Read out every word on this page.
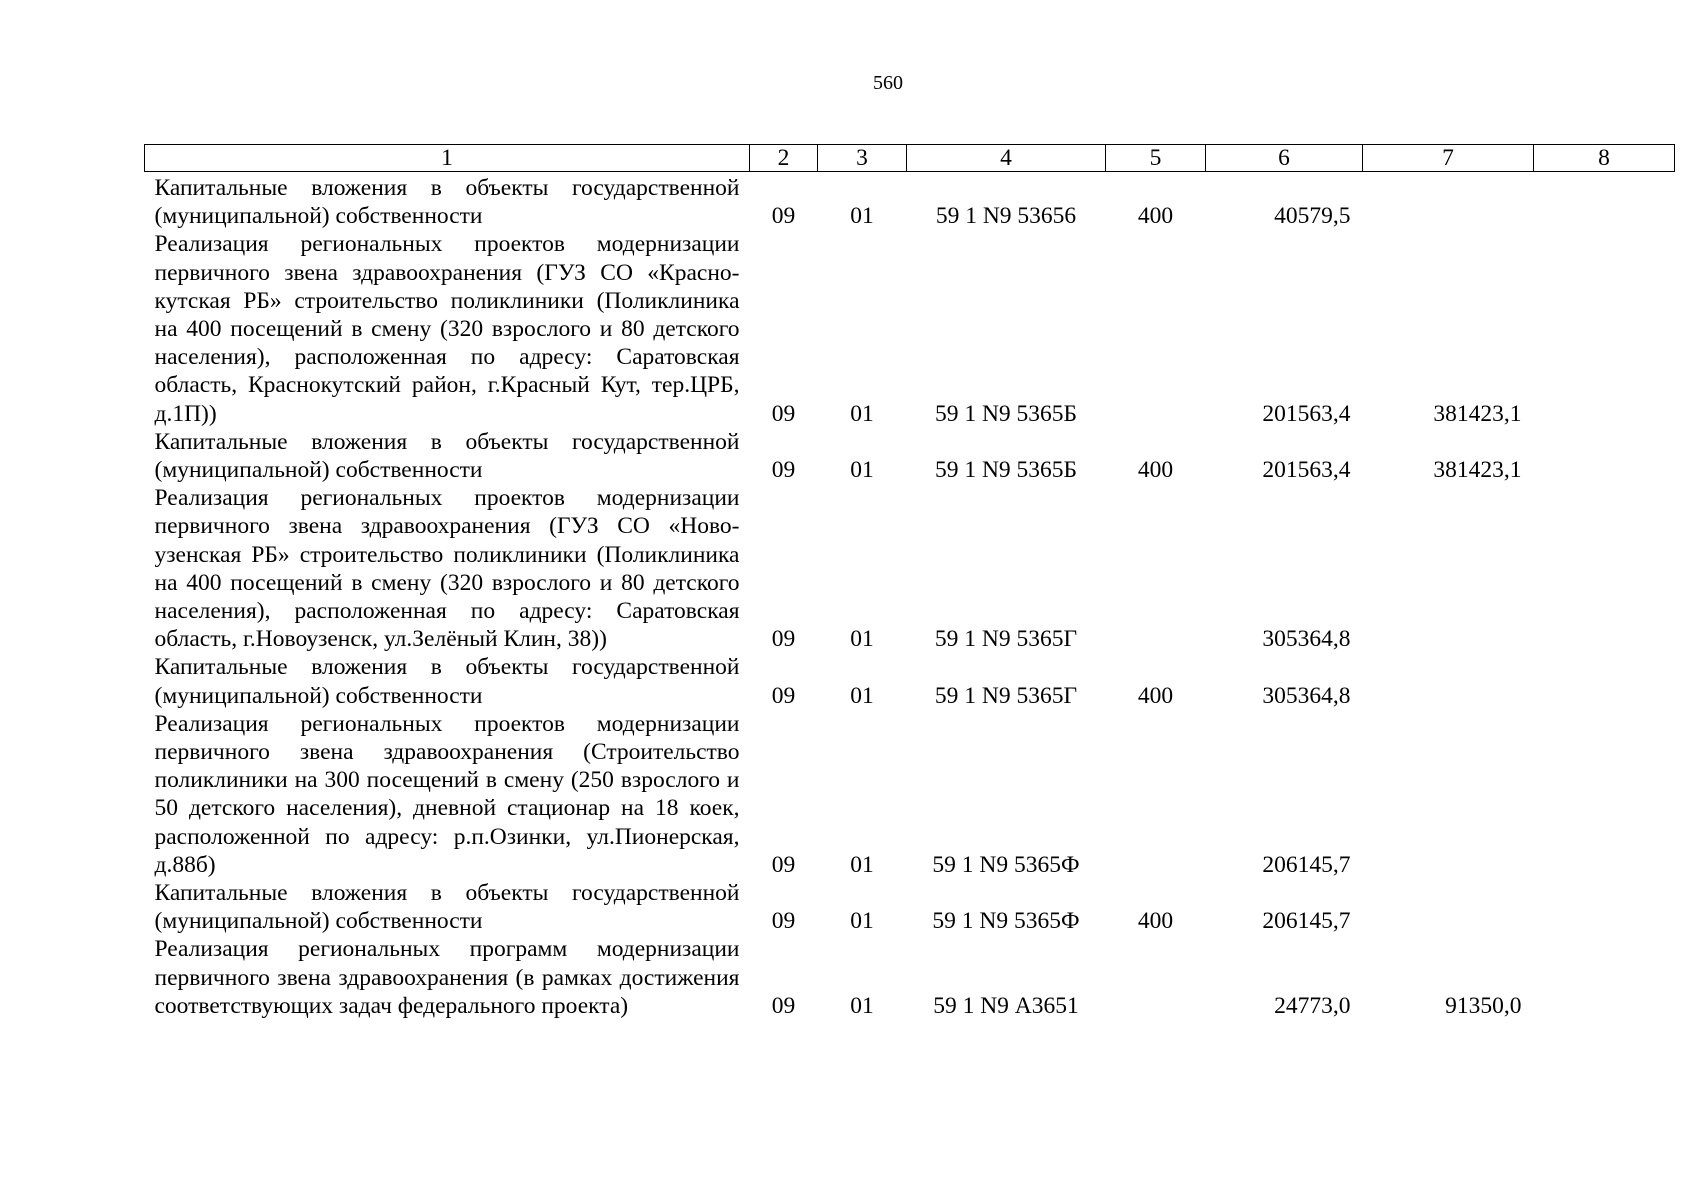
560
1	2	3	4	5	6	7	8
Капитальные вложения в объекты государственной (муниципальной) собственности	09	01	59 1 N9 53656	400	40579,5		
Реализация региональных проектов модернизации первичного звена здравоохранения (ГУЗ СО «Краснокутская РБ» строительство поликлиники (Поликлиника на 400 посещений в смену (320 взрослого и 80 детского населения), расположенная по адресу: Саратовская область, Краснокутский район, г.Красный Кут, тер.ЦРБ, д.1П))	09	01	59 1 N9 5365Б		201563,4	381423,1	
Капитальные вложения в объекты государственной (муниципальной) собственности	09	01	59 1 N9 5365Б	400	201563,4	381423,1	
Реализация региональных проектов модернизации первичного звена здравоохранения (ГУЗ СО «Новоузенская РБ» строительство поликлиники (Поликлиника на 400 посещений в смену (320 взрослого и 80 детского населения), расположенная по адресу: Саратовская область, г.Новоузенск, ул.Зелёный Клин, 38))	09	01	59 1 N9 5365Г		305364,8		
Капитальные вложения в объекты государственной (муниципальной) собственности	09	01	59 1 N9 5365Г	400	305364,8		
Реализация региональных проектов модернизации первичного звена здравоохранения (Строительство поликлиники на 300 посещений в смену (250 взрослого и 50 детского населения), дневной стационар на 18 коек, расположенной по адресу: р.п.Озинки, ул.Пионерская, д.88б)	09	01	59 1 N9 5365Ф		206145,7		
Капитальные вложения в объекты государственной (муниципальной) собственности	09	01	59 1 N9 5365Ф	400	206145,7		
Реализация региональных программ модернизации первичного звена здравоохранения (в рамках достижения соответствующих задач федерального проекта)	09	01	59 1 N9 А3651		24773,0	91350,0	
